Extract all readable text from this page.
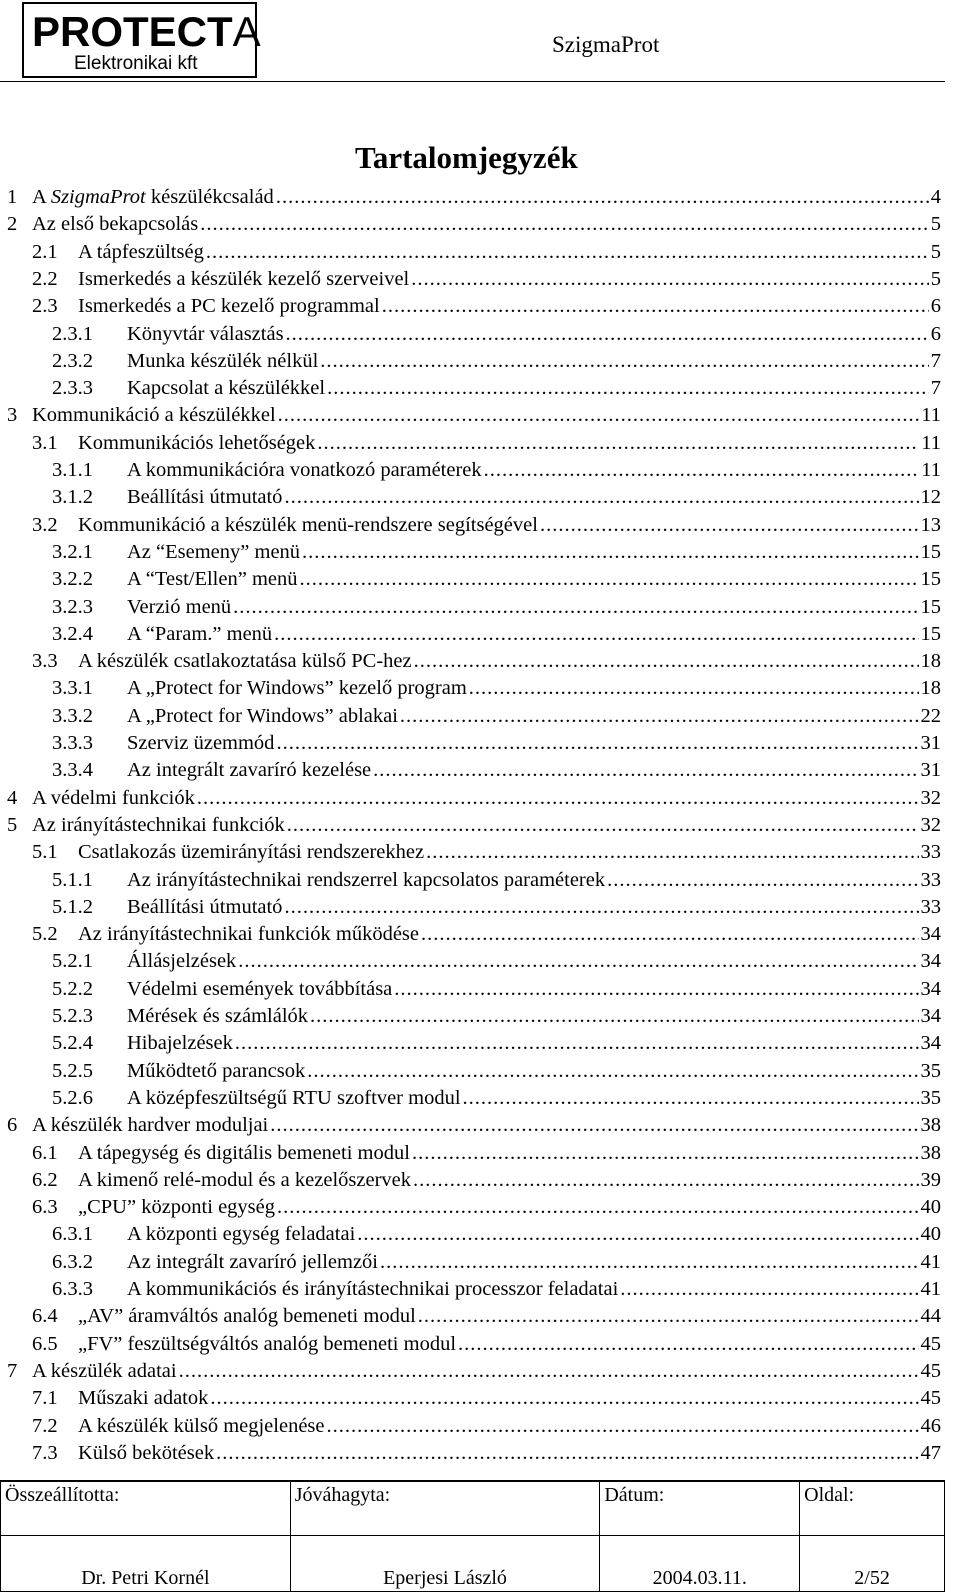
PROTECTA
Elektronikai kft
SzigmaProt
Tartalomjegyzék
1 A SzigmaProt készülékcsalád .....	4
2 Az első bekapcsolás .....	5
2.1 A tápfeszültség .....	5
2.2 Ismerkedés a készülék kezelő szerveivel .....	5
2.3 Ismerkedés a PC kezelő programmal .....	6
2.3.1 Könyvtár választás .....	6
2.3.2 Munka készülék nélkül .....	7
2.3.3 Kapcsolat a készülékkel .....	7
3 Kommunikáció a készülékkel .....	11
3.1 Kommunikációs lehetőségek .....	11
3.1.1 A kommunikációra vonatkozó paraméterek .....	11
3.1.2 Beállítási útmutató .....	12
3.2 Kommunikáció a készülék menü-rendszere segítségével .....	13
3.2.1 Az “Esemeny” menü .....	15
3.2.2 A “Test/Ellen” menü .....	15
3.2.3 Verzió menü .....	15
3.2.4 A “Param.” menü .....	15
3.3 A készülék csatlakoztatása külső PC-hez .....	18
3.3.1 A „Protect for Windows” kezelő program .....	18
3.3.2 A „Protect for Windows” ablakai .....	22
3.3.3 Szerviz üzemmód .....	31
3.3.4 Az integrált zavaríró kezelése .....	31
4 A védelmi funkciók .....	32
5 Az irányítástechnikai funkciók .....	32
5.1 Csatlakozás üzemirányítási rendszerekhez .....	33
5.1.1 Az irányítástechnikai rendszerrel kapcsolatos paraméterek .....	33
5.1.2 Beállítási útmutató .....	33
5.2 Az irányítástechnikai funkciók működése .....	34
5.2.1 Állásjelzések .....	34
5.2.2 Védelmi események továbbítása .....	34
5.2.3 Mérések és számlálók .....	34
5.2.4 Hibajelzések .....	34
5.2.5 Működtető parancsok .....	35
5.2.6 A középfeszültségű RTU szoftver modul .....	35
6 A készülék hardver moduljai .....	38
6.1 A tápegység és digitális bemeneti modul .....	38
6.2 A kimenő relé-modul és a kezelőszervek .....	39
6.3 „CPU” központi egység .....	40
6.3.1 A központi egység feladatai .....	40
6.3.2 Az integrált zavaríró jellemzői .....	41
6.3.3 A kommunikációs és irányítástechnikai processzor feladatai .....	41
6.4 „AV” áramváltós analóg bemeneti modul .....	44
6.5 „FV” feszültségváltós analóg bemeneti modul .....	45
7 A készülék adatai .....	45
7.1 Műszaki adatok .....	45
7.2 A készülék külső megjelenése .....	46
7.3 Külső bekötések .....	47
Összeállította:	Jóváhagyta:	Dátum:	Oldal:
Dr. Petri Kornél	Eperjesi László	2004.03.11.	2/52
